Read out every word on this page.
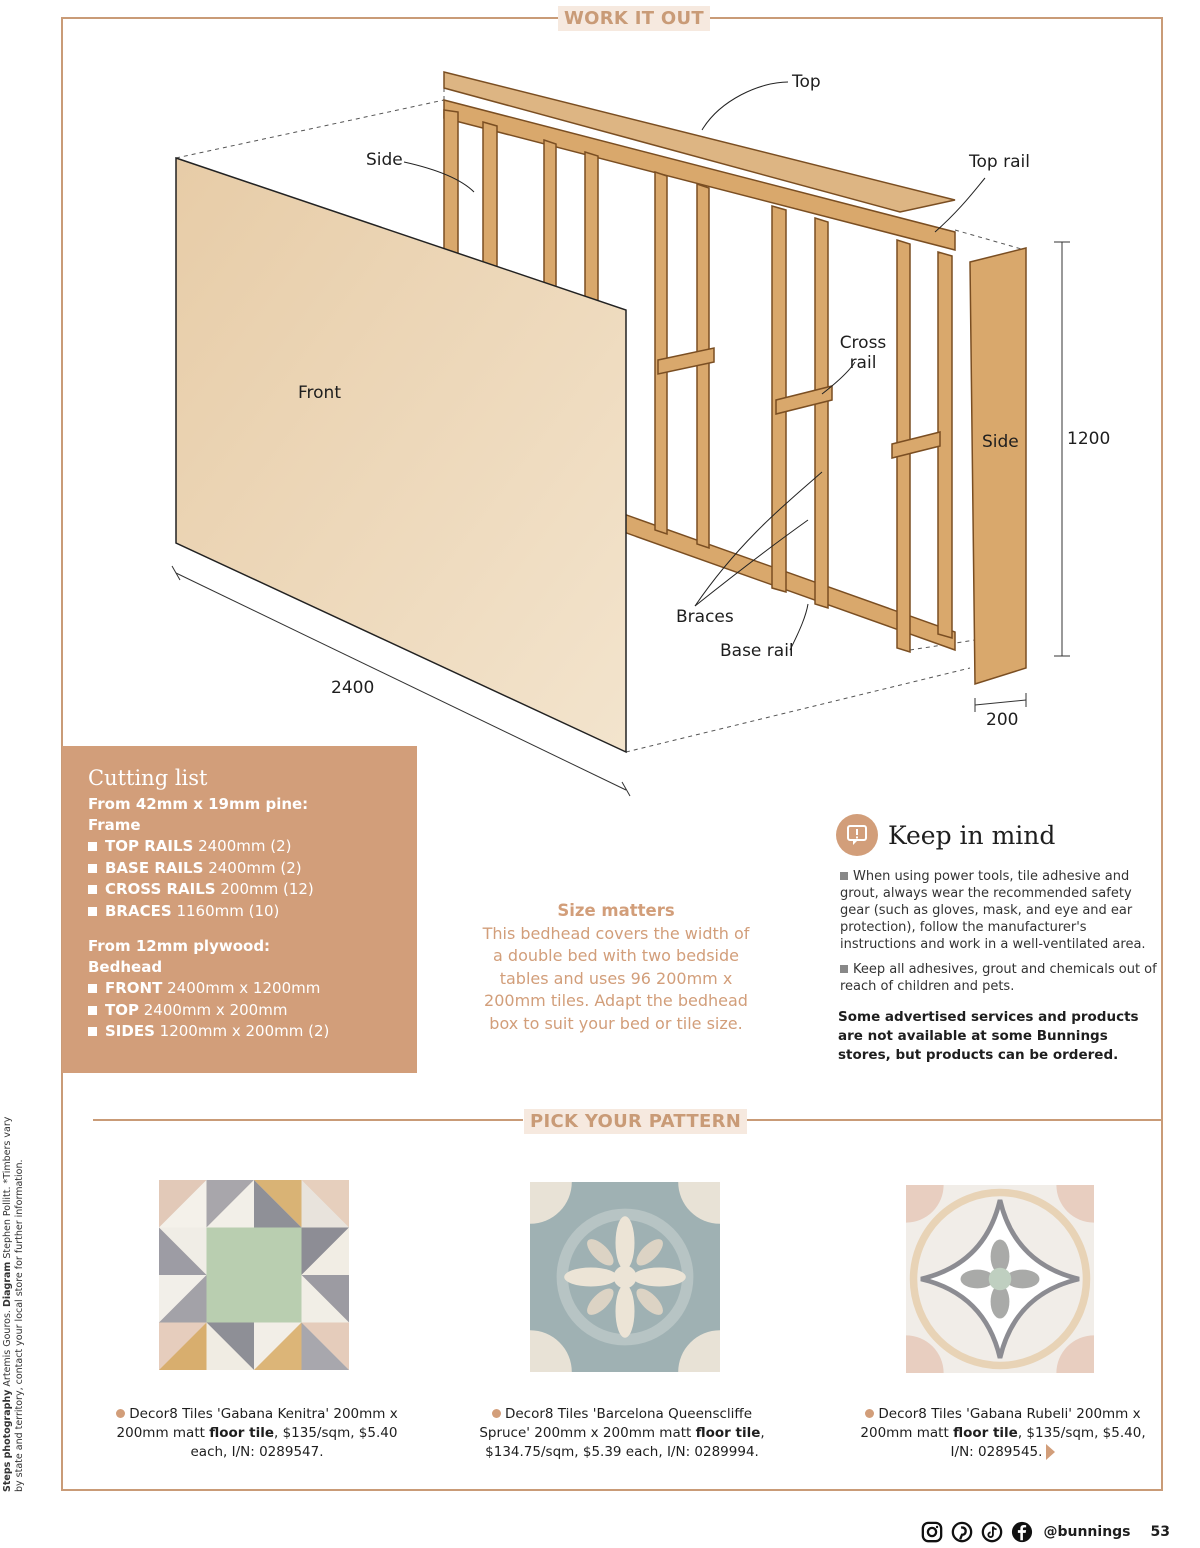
WORK IT OUT
Top
Top rail
Side
Front
Cross rail
Side
Braces
Base rail
2400
1200
200
Cutting list
From 42mm x 19mm pine:
Frame
TOP RAILS 2400mm (2)
BASE RAILS 2400mm (2)
CROSS RAILS 200mm (12)
BRACES 1160mm (10)
From 12mm plywood:
Bedhead
FRONT 2400mm x 1200mm
TOP 2400mm x 200mm
SIDES 1200mm x 200mm (2)
Size matters
This bedhead covers the width of a double bed with two bedside tables and uses 96 200mm x 200mm tiles. Adapt the bedhead box to suit your bed or tile size.
Keep in mind

When using power tools, tile adhesive and grout, always wear the recommended safety gear (such as gloves, mask, and eye and ear protection), follow the manufacturer's instructions and work in a well-ventilated area.

Keep all adhesives, grout and chemicals out of reach of children and pets.

Some advertised services and products are not available at some Bunnings stores, but products can be ordered.
PICK YOUR PATTERN
Decor8 Tiles 'Gabana Kenitra' 200mm x 200mm matt floor tile, $135/sqm, $5.40 each, I/N: 0289547.
Decor8 Tiles 'Barcelona Queenscliffe Spruce' 200mm x 200mm matt floor tile, $134.75/sqm, $5.39 each, I/N: 0289994.
Decor8 Tiles 'Gabana Rubeli' 200mm x 200mm matt floor tile, $135/sqm, $5.40, I/N: 0289545.
Steps photography Artemis Gouros. Diagram Stephen Pollitt. *Timbers vary by state and territory, contact your local store for further information.
@bunnings 53
